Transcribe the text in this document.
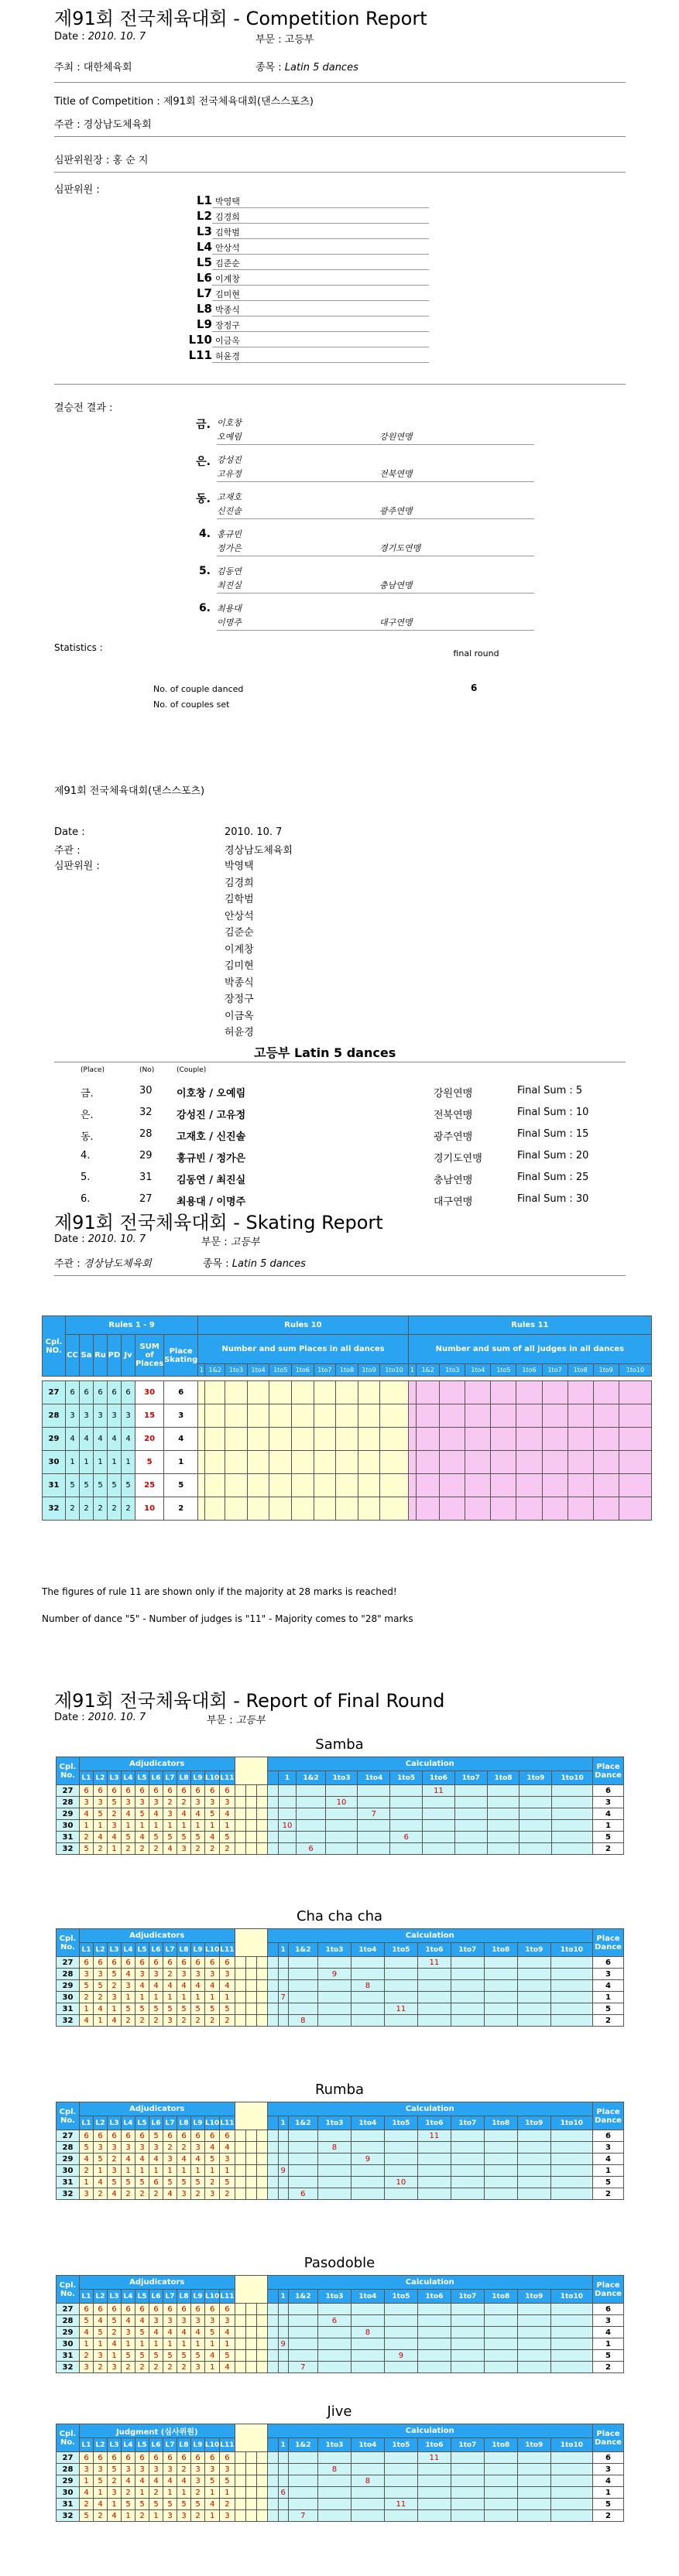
제91회 전국체육대회 - Competition Report
Date : 2010. 10. 7	부문 : 고등부
주최 : 대한체육회	종목 : Latin 5 dances
Title of Competition : 제91회 전국체육대회(댄스스포츠)
주관 : 경상남도체육회
심판위원장 : 홍 순 지
심판위원 :
L1 박영택
L2 김경희
L3 김학범
L4 안상석
L5 김준순
L6 이계창
L7 김미현
L8 박종식
L9 장정구
L10 이금옥
L11 허윤경
결승전 결과 :
금. 이호창
오예림	강원연맹
은. 강성진
고유정	전북연맹
동. 고재호
신진솔	광주연맹
4. 홍규빈
정가은	경기도연맹
5. 김동연
최진실	충남연맹
6. 최용대
이명주	대구연맹
Statistics :
final round
No. of couple danced	6
No. of couples set
제91회 전국체육대회(댄스스포츠)
Date :	2010. 10. 7
주관 :	경상남도체육회
심판위원 :	박영택
김경희
김학범
안상석
김준순
이계창
김미현
박종식
장정구
이금옥
허윤경
고등부 Latin 5 dances
(Place)	(No)	(Couple)
금.	30 이호창 / 오예림	강원연맹	Final Sum : 5
은.	32 강성진 / 고유정	전북연맹	Final Sum : 10
동.	28 고재호 / 신진솔	광주연맹	Final Sum : 15
4.	29 홍규빈 / 정가은	경기도연맹	Final Sum : 20
5.	31 김동연 / 최진실	충남연맹	Final Sum : 25
6.	27 최용대 / 이명주	대구연맹	Final Sum : 30
제91회 전국체육대회 - Skating Report
Date : 2010. 10. 7	부문 : 고등부
주관 : 경상남도체육회	종목 : Latin 5 dances
Cpl. NO.	Rules 1 - 9							Rules 10										Rules 11									
	CC	Sa	Ru	PD	Jv	SUM of Places	Place Skating	Number and sum Places in all dances										Number and sum of all judges in all dances									
								1	1&2	1to3	1to4	1to5	1to6	1to7	1to8	1to9	1to10	1	1&2	1to3	1to4	1to5	1to6	1to7	1to8	1to9	1to10

27	6	6	6	6	6	30	6																				
28	3	3	3	3	3	15	3																				
29	4	4	4	4	4	20	4																				
30	1	1	1	1	1	5	1																				
31	5	5	5	5	5	25	5																				
32	2	2	2	2	2	10	2																				
The figures of rule 11 are shown only if the majority at 28 marks is reached!
Number of dance "5" - Number of judges is "11" - Majority comes to "28" marks
제91회 전국체육대회 - Report of Final Round
Date : 2010. 10. 7	부문 : 고등부
Samba
Cpl. No.	Adjudicators														Calculation											Place Dance
	L1	L2	L3	L4	L5	L6	L7	L8	L9	L10	L11					1	1&2	1to3	1to4	1to5	1to6	1to7	1to8	1to9	1to10	
27	6	6	6	6	6	6	6	6	6	6	6										11					6
28	3	3	5	3	3	3	2	2	3	3	3							10								3
29	4	5	2	4	5	4	3	4	4	5	4								7							4
30	1	1	3	1	1	1	1	1	1	1	1					10										1
31	2	4	4	5	4	5	5	5	5	4	5									6						5
32	5	2	1	2	2	2	4	3	2	2	2						6									2
Cha cha cha
Cpl. No.	Adjudicators														Calculation											Place Dance
	L1	L2	L3	L4	L5	L6	L7	L8	L9	L10	L11					1	1&2	1to3	1to4	1to5	1to6	1to7	1to8	1to9	1to10	
27	6	6	6	6	6	6	6	6	6	6	6										11					6
28	3	3	5	4	3	3	2	3	3	3	3							9								3
29	5	5	2	3	4	4	4	4	4	4	4								8							4
30	2	2	3	1	1	1	1	1	1	1	1					7										1
31	1	4	1	5	5	5	5	5	5	5	5									11						5
32	4	1	4	2	2	2	3	2	2	2	2						8									2
Rumba
Cpl. No.	Adjudicators														Calculation											Place Dance
	L1	L2	L3	L4	L5	L6	L7	L8	L9	L10	L11					1	1&2	1to3	1to4	1to5	1to6	1to7	1to8	1to9	1to10	
27	6	6	6	6	6	5	6	6	6	6	6										11					6
28	5	3	3	3	3	3	2	2	3	4	4							8								3
29	4	5	2	4	4	4	3	4	4	5	3								9							4
30	2	1	3	1	1	1	1	1	1	1	1					9										1
31	1	4	5	5	5	6	5	5	5	2	5									10						5
32	3	2	4	2	2	2	4	3	2	3	2						6									2
Pasodoble
Cpl. No.	Adjudicators														Calculation											Place Dance
	L1	L2	L3	L4	L5	L6	L7	L8	L9	L10	L11					1	1&2	1to3	1to4	1to5	1to6	1to7	1to8	1to9	1to10	
27	6	6	6	6	6	6	6	6	6	6	6															6
28	5	4	5	4	4	3	3	3	3	3	3							6								3
29	4	5	2	3	5	4	4	4	4	5	4								8							4
30	1	1	4	1	1	1	1	1	1	1	1					9										1
31	2	3	1	5	5	5	5	5	5	4	5									9						5
32	3	2	3	2	2	2	2	2	3	1	4						7									2
Jive
Cpl. No.	Judgment (심사위원)														Calculation											Place Dance
	L1	L2	L3	L4	L5	L6	L7	L8	L9	L10	L11					1	1&2	1to3	1to4	1to5	1to6	1to7	1to8	1to9	1to10	
27	6	6	6	6	6	6	6	6	6	6	6										11					6
28	3	3	5	3	3	3	3	2	3	3	3							8								3
29	1	5	2	4	4	4	4	4	3	5	5								8							4
30	4	1	3	2	1	2	1	1	2	1	1					6										1
31	2	4	1	5	5	5	5	5	5	4	2									11						5
32	5	2	4	1	2	1	3	3	2	1	3						7									2
